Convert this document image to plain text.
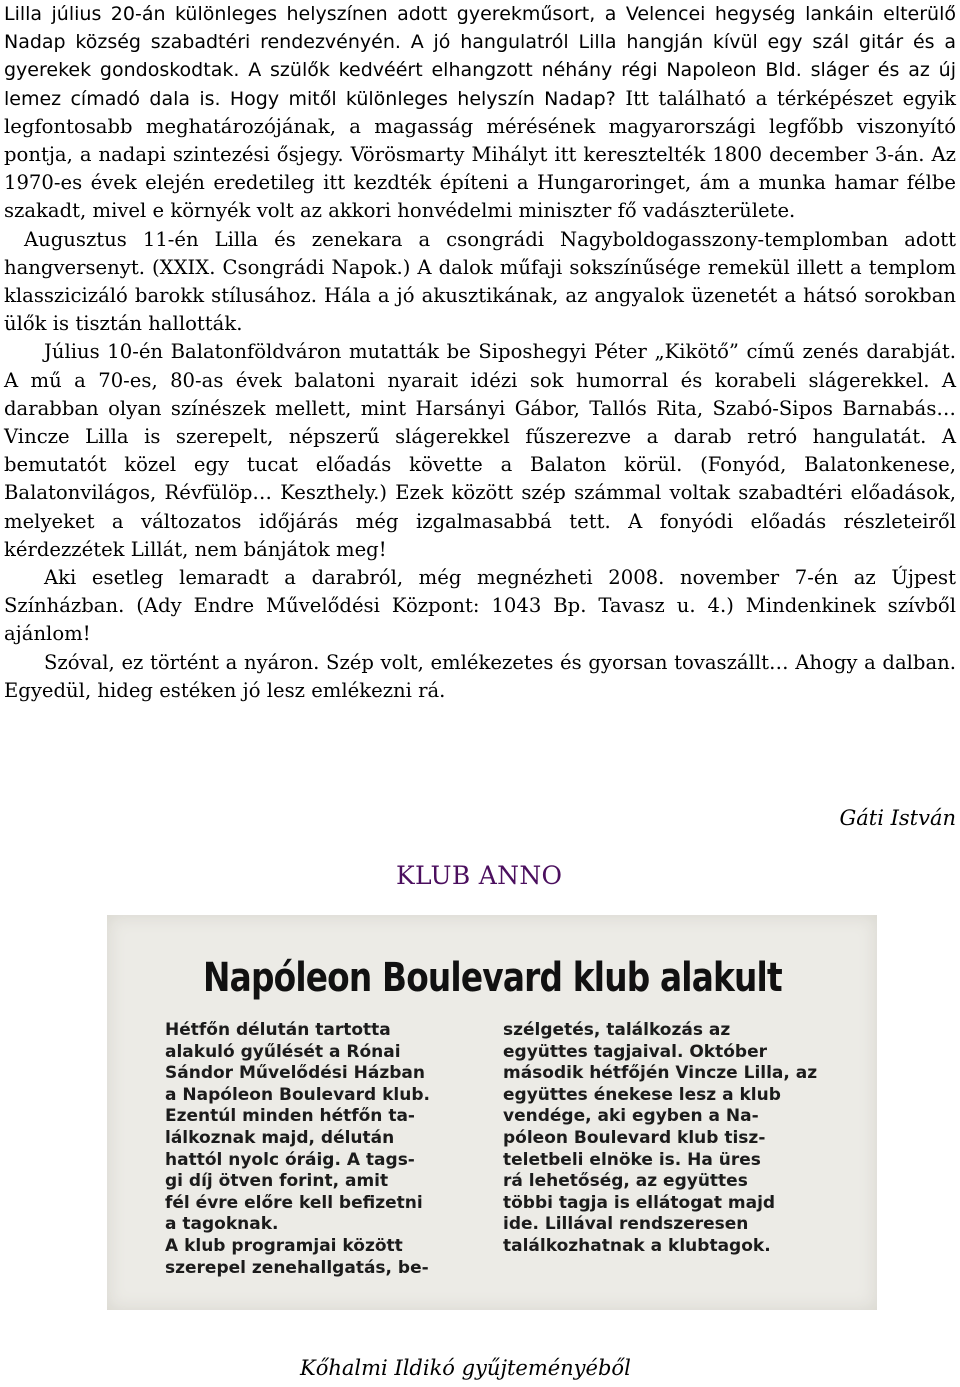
Lilla július 20-án különleges helyszínen adott gyerekműsort, a Velencei hegység lankáin elterülő Nadap község szabadtéri rendezvényén. A jó hangulatról Lilla hangján kívül egy szál gitár és a gyerekek gondoskodtak. A szülők kedvéért elhangzott néhány régi Napoleon Bld. sláger és az új lemez címadó dala is. Hogy mitől különleges helyszín Nadap? Itt található a térképészet egyik legfontosabb meghatározójának, a magasság mérésének magyarországi legfőbb viszonyító pontja, a nadapi szintezési ősjegy. Vörösmarty Mihályt itt keresztelték 1800 december 3-án. Az 1970-es évek elején eredetileg itt kezdték építeni a Hungaroringet, ám a munka hamar félbe szakadt, mivel e környék volt az akkori honvédelmi miniszter fő vadászterülete.

Augusztus 11-én Lilla és zenekara a csongrádi Nagyboldogasszony-templomban adott hangversenyt. (XXIX. Csongrádi Napok.) A dalok műfaji sokszínűsége remekül illett a templom klasszicizáló barokk stílusához. Hála a jó akusztikának, az angyalok üzenetét a hátsó sorokban ülők is tisztán hallották.

Július 10-én Balatonföldváron mutatták be Siposhegyi Péter „Kikötő” című zenés darabját. A mű a 70-es, 80-as évek balatoni nyarait idézi sok humorral és korabeli slágerekkel. A darabban olyan színészek mellett, mint Harsányi Gábor, Tallós Rita, Szabó-Sipos Barnabás… Vincze Lilla is szerepelt, népszerű slágerekkel fűszerezve a darab retró hangulatát. A bemutatót közel egy tucat előadás követte a Balaton körül. (Fonyód, Balatonkenese, Balatonvilágos, Révfülöp… Keszthely.) Ezek között szép számmal voltak szabadtéri előadások, melyeket a változatos időjárás még izgalmasabbá tett. A fonyódi előadás részleteiről kérdezzétek Lillát, nem bánjátok meg!

Aki esetleg lemaradt a darabról, még megnézheti 2008. november 7-én az Újpest Színházban. (Ady Endre Művelődési Központ: 1043 Bp. Tavasz u. 4.) Mindenkinek szívből ajánlom!

Szóval, ez történt a nyáron. Szép volt, emlékezetes és gyorsan tovaszállt… Ahogy a dalban. Egyedül, hideg estéken jó lesz emlékezni rá.

Gáti István
KLUB ANNO
Napóleon Boulevard klub alakult
Hétfőn délután tartotta
alakuló gyűlését a Rónai
Sándor Művelődési Házban
a Napóleon Boulevard klub.
Ezentúl minden hétfőn ta-
lálkoznak majd, délután
hattól nyolc óráig. A tags-
gi díj ötven forint, amit
fél évre előre kell befizetni
a tagoknak.
A klub programjai között
szerepel zenehallgatás, be-
szélgetés, találkozás az
együttes tagjaival. Október
második hétfőjén Vincze Lilla, az
együttes énekese lesz a klub
vendége, aki egyben a Na-
póleon Boulevard klub tisz-
teletbeli elnöke is. Ha üres
rá lehetőség, az együttes
többi tagja is ellátogat majd
ide. Lillával rendszeresen
találkozhatnak a klubtagok.
Kőhalmi Ildikó gyűjteményéből
